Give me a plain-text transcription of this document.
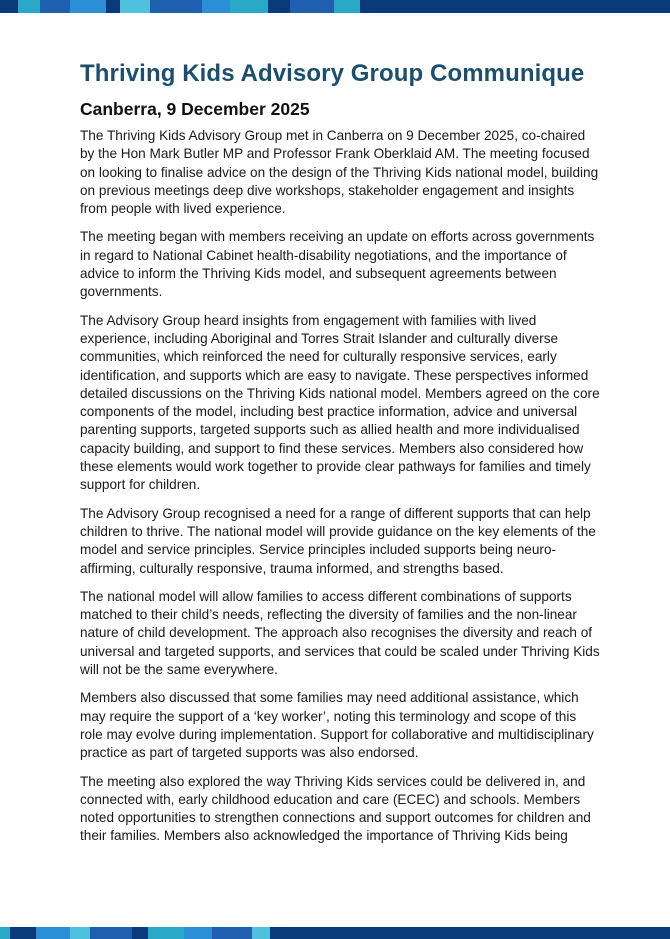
Thriving Kids Advisory Group Communique
Canberra, 9 December 2025

The Thriving Kids Advisory Group met in Canberra on 9 December 2025, co-chaired by the Hon Mark Butler MP and Professor Frank Oberklaid AM. The meeting focused on looking to finalise advice on the design of the Thriving Kids national model, building on previous meetings deep dive workshops, stakeholder engagement and insights from people with lived experience.

The meeting began with members receiving an update on efforts across governments in regard to National Cabinet health-disability negotiations, and the importance of advice to inform the Thriving Kids model, and subsequent agreements between governments.

The Advisory Group heard insights from engagement with families with lived experience, including Aboriginal and Torres Strait Islander and culturally diverse communities, which reinforced the need for culturally responsive services, early identification, and supports which are easy to navigate. These perspectives informed detailed discussions on the Thriving Kids national model. Members agreed on the core components of the model, including best practice information, advice and universal parenting supports, targeted supports such as allied health and more individualised capacity building, and support to find these services. Members also considered how these elements would work together to provide clear pathways for families and timely support for children.

The Advisory Group recognised a need for a range of different supports that can help children to thrive. The national model will provide guidance on the key elements of the model and service principles. Service principles included supports being neuro-affirming, culturally responsive, trauma informed, and strengths based.

The national model will allow families to access different combinations of supports matched to their child’s needs, reflecting the diversity of families and the non-linear nature of child development. The approach also recognises the diversity and reach of universal and targeted supports, and services that could be scaled under Thriving Kids will not be the same everywhere.

Members also discussed that some families may need additional assistance, which may require the support of a ‘key worker’, noting this terminology and scope of this role may evolve during implementation. Support for collaborative and multidisciplinary practice as part of targeted supports was also endorsed.

The meeting also explored the way Thriving Kids services could be delivered in, and connected with, early childhood education and care (ECEC) and schools. Members noted opportunities to strengthen connections and support outcomes for children and their families. Members also acknowledged the importance of Thriving Kids being
